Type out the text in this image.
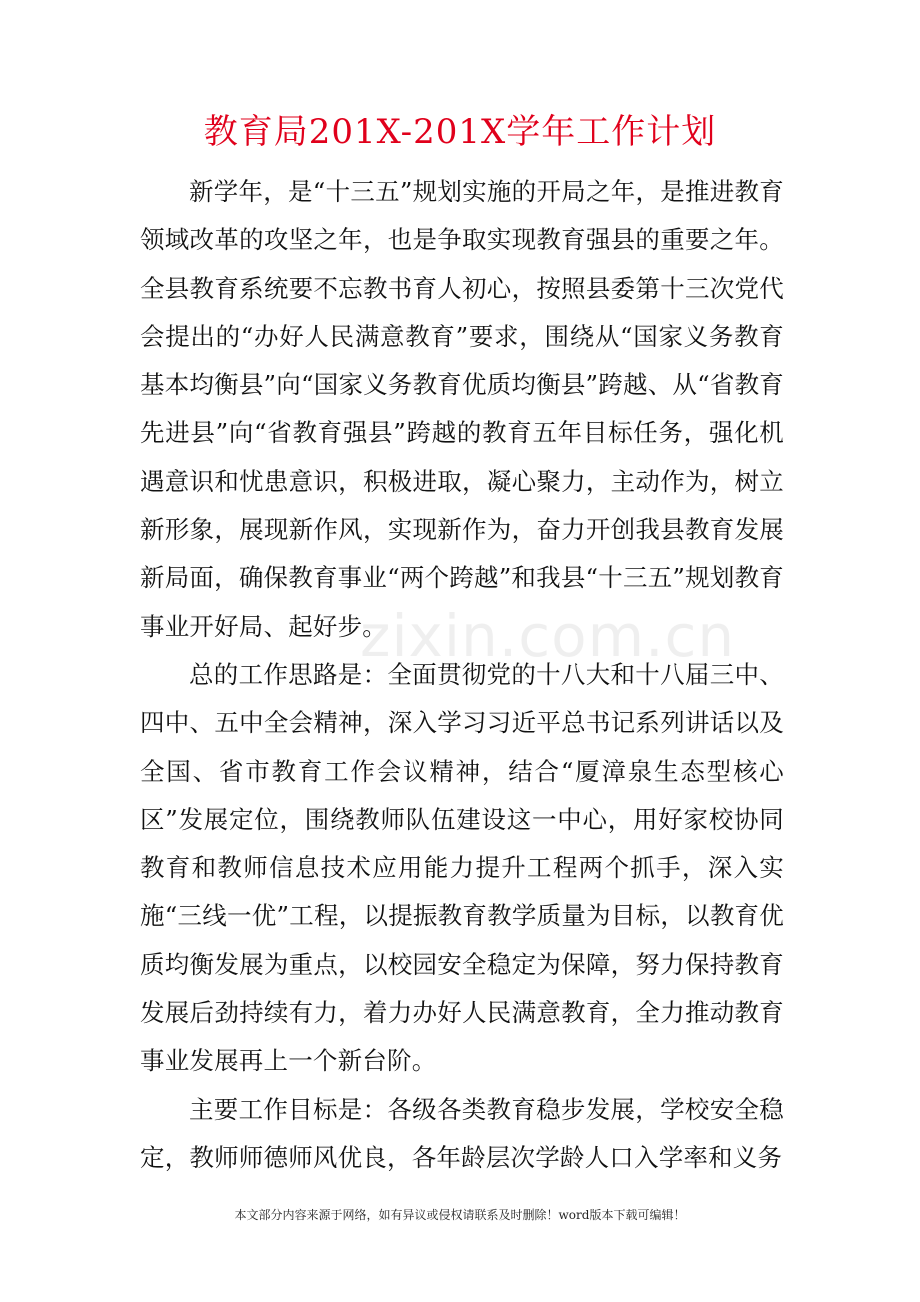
教育局201X-201X学年工作计划

新学年，是“十三五”规划实施的开局之年，是推进教育领域改革的攻坚之年，也是争取实现教育强县的重要之年。全县教育系统要不忘教书育人初心，按照县委第十三次党代会提出的“办好人民满意教育”要求，围绕从“国家义务教育基本均衡县”向“国家义务教育优质均衡县”跨越、从“省教育先进县”向“省教育强县”跨越的教育五年目标任务，强化机遇意识和忧患意识，积极进取，凝心聚力，主动作为，树立新形象，展现新作风，实现新作为，奋力开创我县教育发展新局面，确保教育事业“两个跨越”和我县“十三五”规划教育事业开好局、起好步。

总的工作思路是：全面贯彻党的十八大和十八届三中、四中、五中全会精神，深入学习习近平总书记系列讲话以及全国、省市教育工作会议精神，结合“厦漳泉生态型核心区”发展定位，围绕教师队伍建设这一中心，用好家校协同教育和教师信息技术应用能力提升工程两个抓手，深入实施“三线一优”工程，以提振教育教学质量为目标，以教育优质均衡发展为重点，以校园安全稳定为保障，努力保持教育发展后劲持续有力，着力办好人民满意教育，全力推动教育事业发展再上一个新台阶。

主要工作目标是：各级各类教育稳步发展，学校安全稳定，教师师德师风优良，各年龄层次学龄人口入学率和义务

zixin.com.cn
本文部分内容来源于网络，如有异议或侵权请联系及时删除！word版本下载可编辑！
